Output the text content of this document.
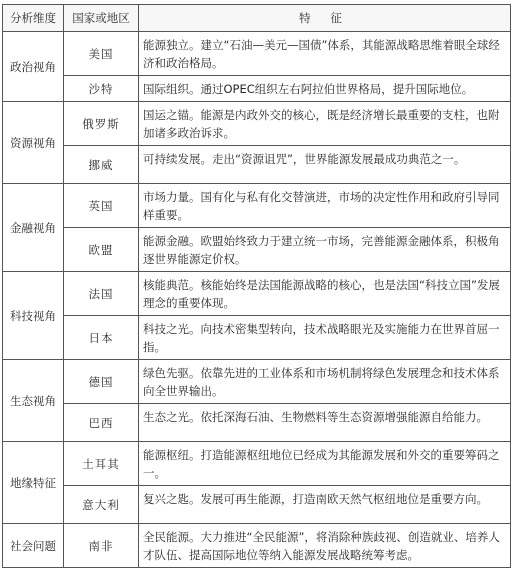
分析维度	国家或地区	特 征
政治视角	美国	能源独立。建立“石油—美元—国债”体系，其能源战略思维着眼全球经济和政治格局。
	沙特	国际组织。通过OPEC组织左右阿拉伯世界格局，提升国际地位。
资源视角	俄罗斯	国运之锚。能源是内政外交的核心，既是经济增长最重要的支柱，也附加诸多政治诉求。
	挪威	可持续发展。走出“资源诅咒”，世界能源发展最成功典范之一。
金融视角	英国	市场力量。国有化与私有化交替演进，市场的决定性作用和政府引导同样重要。
	欧盟	能源金融。欧盟始终致力于建立统一市场，完善能源金融体系，积极角逐世界能源定价权。
科技视角	法国	核能典范。核能始终是法国能源战略的核心，也是法国“科技立国”发展理念的重要体现。
	日本	科技之光。向技术密集型转向，技术战略眼光及实施能力在世界首屈一指。
生态视角	德国	绿色先驱。依靠先进的工业体系和市场机制将绿色发展理念和技术体系向全世界输出。
	巴西	生态之光。依托深海石油、生物燃料等生态资源增强能源自给能力。
地缘特征	土耳其	能源枢纽。打造能源枢纽地位已经成为其能源发展和外交的重要筹码之一。
	意大利	复兴之匙。发展可再生能源，打造南欧天然气枢纽地位是重要方向。
社会问题	南非	全民能源。大力推进“全民能源”，将消除种族歧视、创造就业、培养人才队伍、提高国际地位等纳入能源发展战略统筹考虑。
